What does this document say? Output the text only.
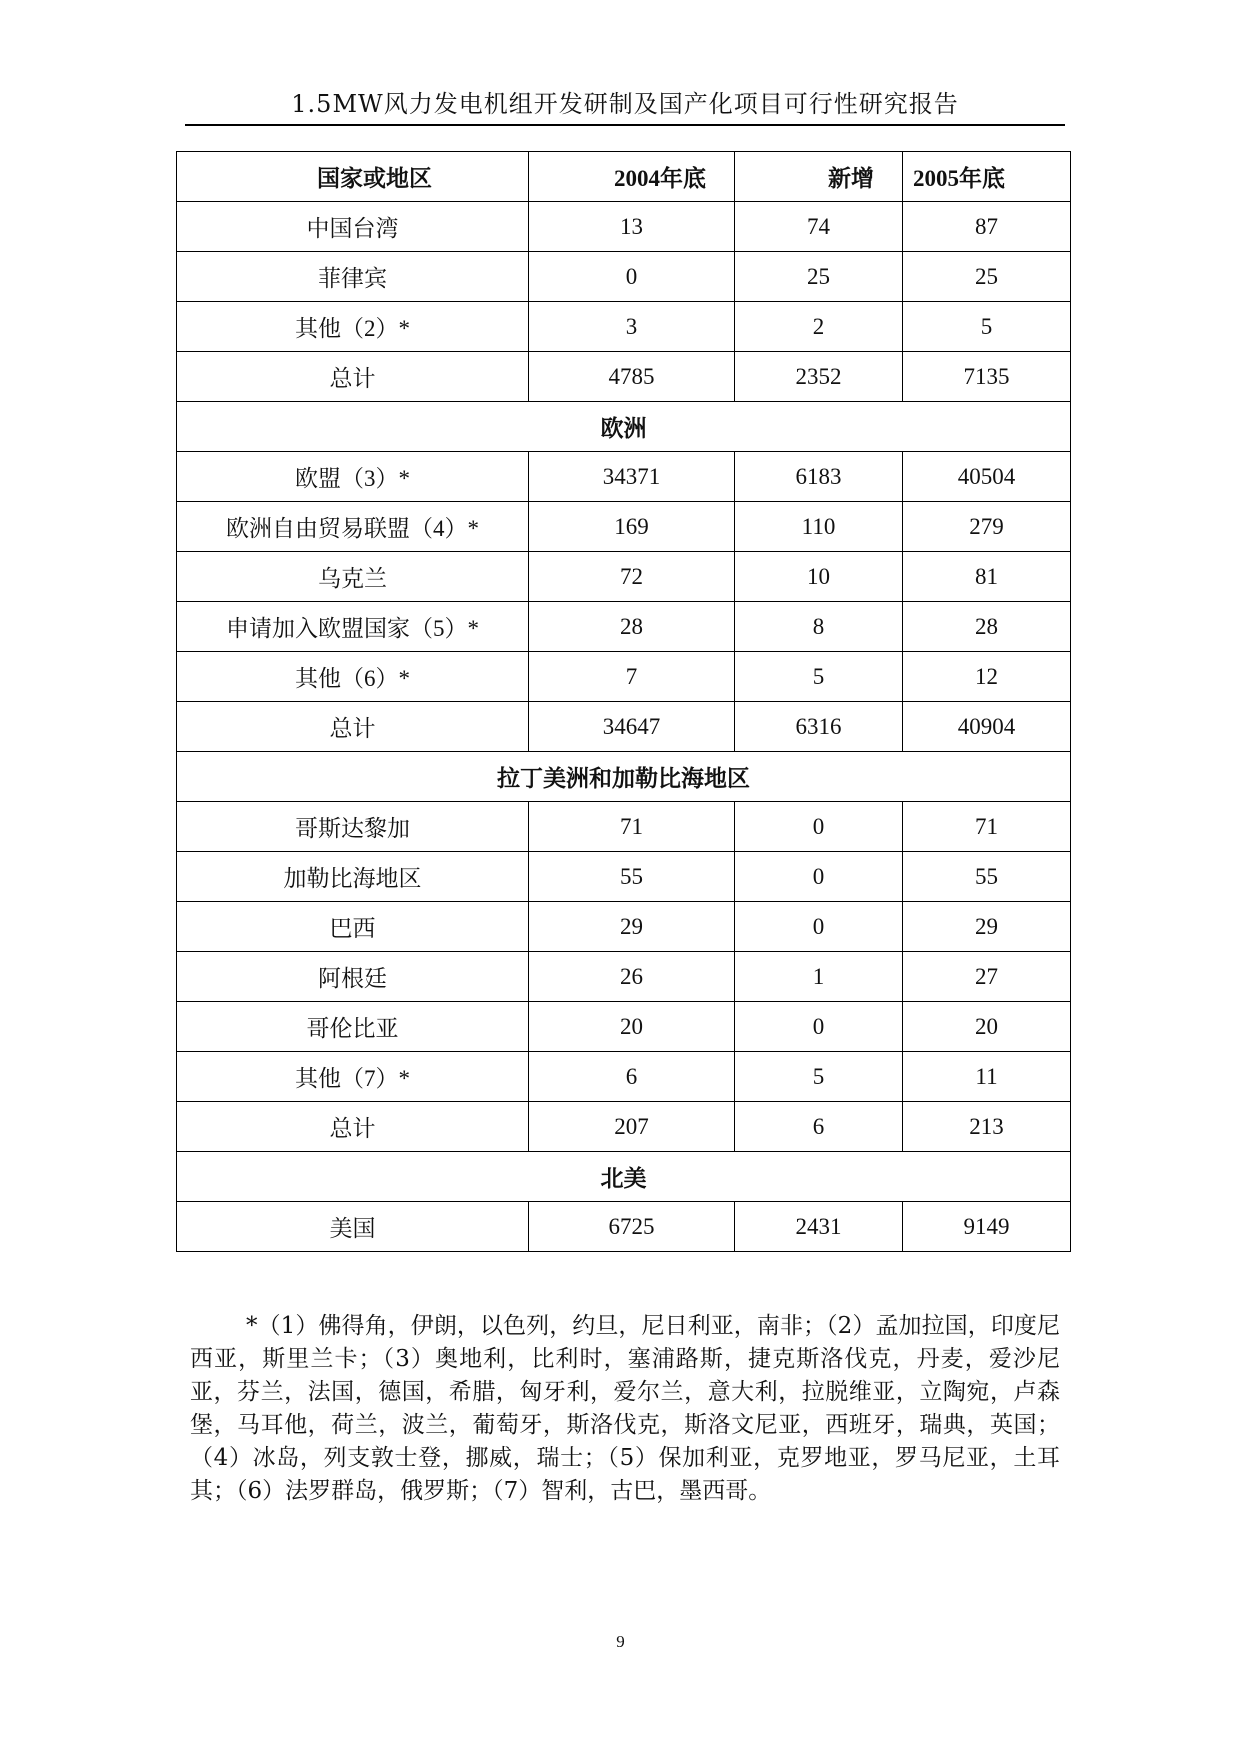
1.5MW风力发电机组开发研制及国产化项目可行性研究报告
国家或地区	2004年底	新增	2005年底
中国台湾	13	74	87
菲律宾	0	25	25
其他（2）*	3	2	5
总计	4785	2352	7135
欧洲			
欧盟（3）*	34371	6183	40504
欧洲自由贸易联盟（4）*	169	110	279
乌克兰	72	10	81
申请加入欧盟国家（5）*	28	8	28
其他（6）*	7	5	12
总计	34647	6316	40904
拉丁美洲和加勒比海地区			
哥斯达黎加	71	0	71
加勒比海地区	55	0	55
巴西	29	0	29
阿根廷	26	1	27
哥伦比亚	20	0	20
其他（7）*	6	5	11
总计	207	6	213
北美			
美国	6725	2431	9149
*（1）佛得角，伊朗，以色列，约旦，尼日利亚，南非；（2）孟加拉国，印度尼西亚，斯里兰卡；（3）奥地利，比利时，塞浦路斯，捷克斯洛伐克，丹麦，爱沙尼亚，芬兰，法国，德国，希腊，匈牙利，爱尔兰，意大利，拉脱维亚，立陶宛，卢森堡，马耳他，荷兰，波兰，葡萄牙，斯洛伐克，斯洛文尼亚，西班牙，瑞典，英国；（4）冰岛，列支敦士登，挪威，瑞士；（5）保加利亚，克罗地亚，罗马尼亚，土耳其；（6）法罗群岛，俄罗斯；（7）智利，古巴，墨西哥。
9
